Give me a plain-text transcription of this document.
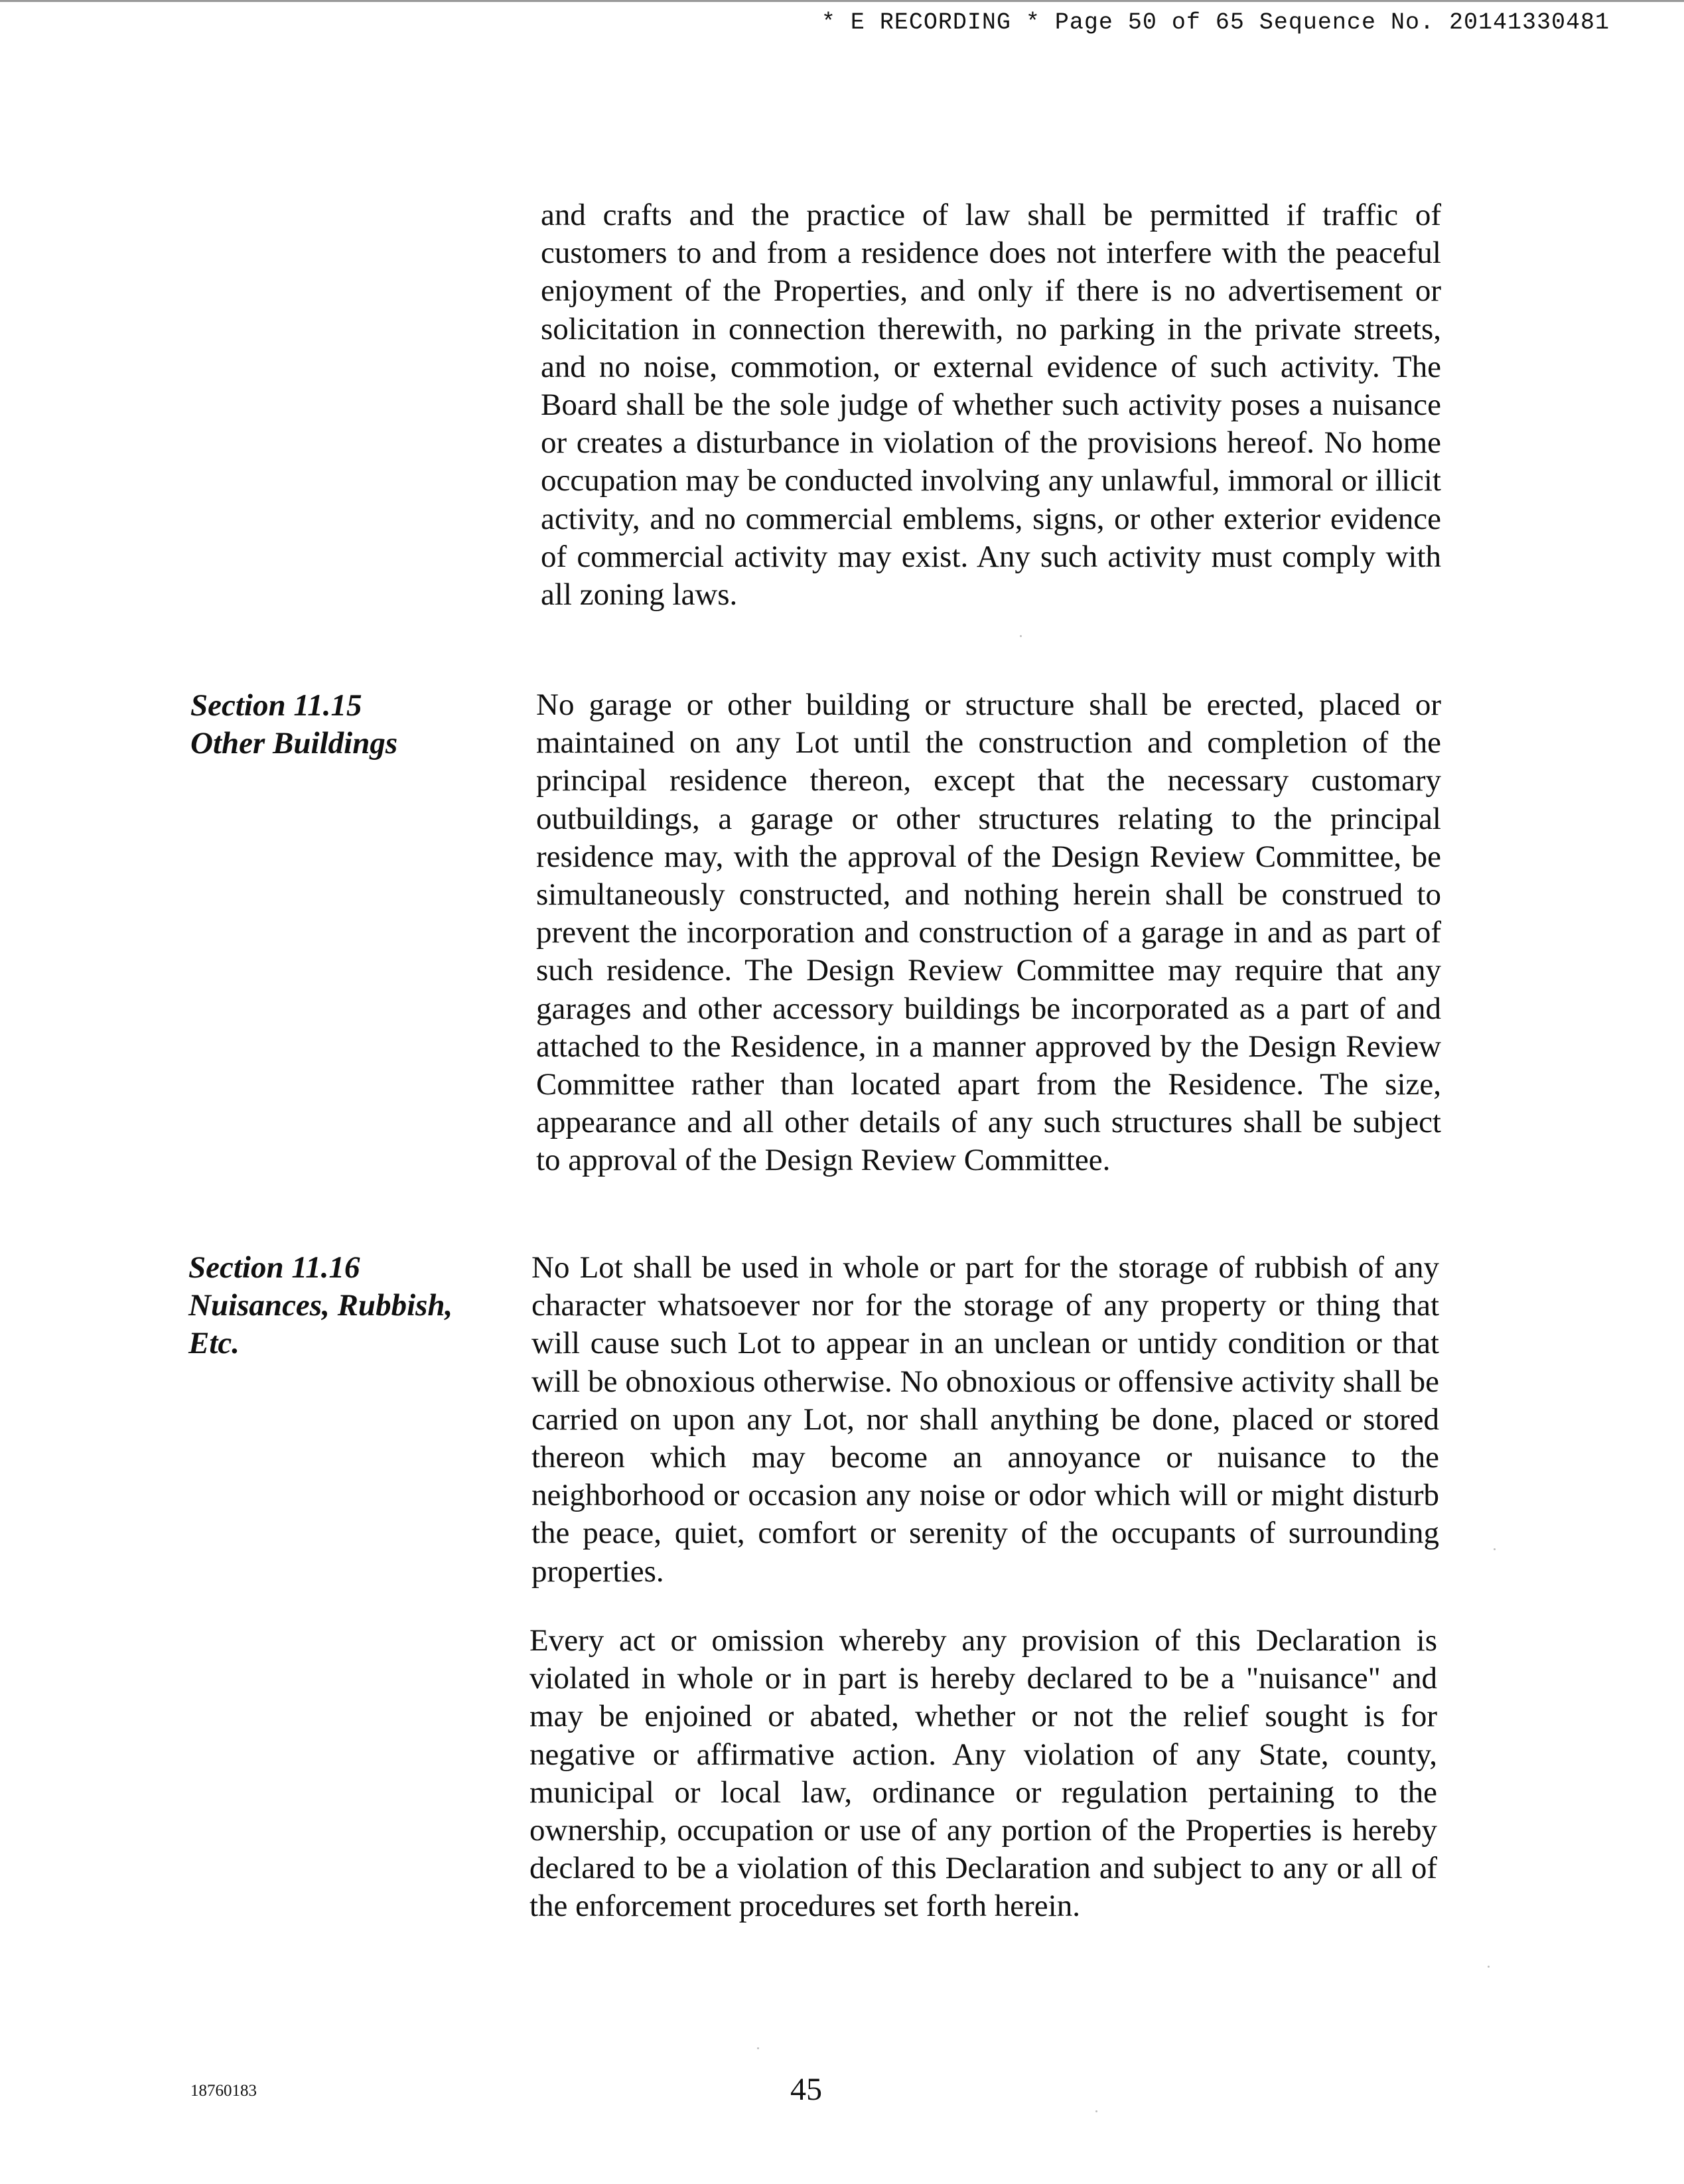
* E RECORDING * Page 50 of 65 Sequence No. 20141330481

and crafts and the practice of law shall be permitted if traffic of customers to and from a residence does not interfere with the peaceful enjoyment of the Properties, and only if there is no advertisement or solicitation in connection therewith, no parking in the private streets, and no noise, commotion, or external evidence of such activity. The Board shall be the sole judge of whether such activity poses a nuisance or creates a disturbance in violation of the provisions hereof. No home occupation may be conducted involving any unlawful, immoral or illicit activity, and no commercial emblems, signs, or other exterior evidence of commercial activity may exist. Any such activity must comply with all zoning laws.

Section 11.15
Other Buildings

No garage or other building or structure shall be erected, placed or maintained on any Lot until the construction and completion of the principal residence thereon, except that the necessary customary outbuildings, a garage or other structures relating to the principal residence may, with the approval of the Design Review Committee, be simultaneously constructed, and nothing herein shall be construed to prevent the incorporation and construction of a garage in and as part of such residence. The Design Review Committee may require that any garages and other accessory buildings be incorporated as a part of and attached to the Residence, in a manner approved by the Design Review Committee rather than located apart from the Residence. The size, appearance and all other details of any such structures shall be subject to approval of the Design Review Committee.

Section 11.16
Nuisances, Rubbish,
Etc.

No Lot shall be used in whole or part for the storage of rubbish of any character whatsoever nor for the storage of any property or thing that will cause such Lot to appear in an unclean or untidy condition or that will be obnoxious otherwise. No obnoxious or offensive activity shall be carried on upon any Lot, nor shall anything be done, placed or stored thereon which may become an annoyance or nuisance to the neighborhood or occasion any noise or odor which will or might disturb the peace, quiet, comfort or serenity of the occupants of surrounding properties.

Every act or omission whereby any provision of this Declaration is violated in whole or in part is hereby declared to be a "nuisance" and may be enjoined or abated, whether or not the relief sought is for negative or affirmative action. Any violation of any State, county, municipal or local law, ordinance or regulation pertaining to the ownership, occupation or use of any portion of the Properties is hereby declared to be a violation of this Declaration and subject to any or all of the enforcement procedures set forth herein.

18760183	45
